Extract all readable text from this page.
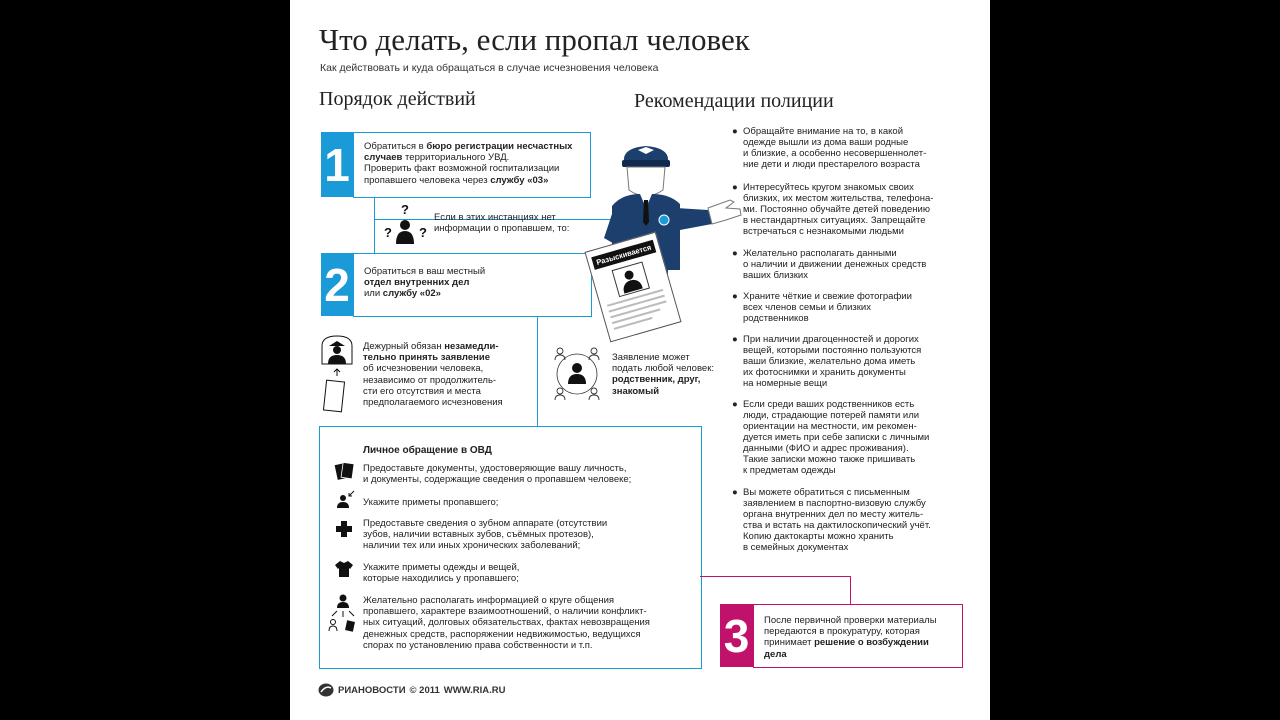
Что делать, если пропал человек
Как действовать и куда обращаться в случае исчезновения человека
Порядок действий	Рекомендации полиции
1	Обратиться в бюро регистрации несчастных
случаев территориального УВД.
Проверить факт возможной госпитализации
пропавшего человека через службу «03»
?
? ?
Если в этих инстанциях нет
информации о пропавшем, то:
2	Обратиться в ваш местный
отдел внутренних дел
или службу «02»
Дежурный обязан незамедли-
тельно принять заявление
об исчезновении человека,
независимо от продолжитель-
сти его отсутствия и места
предполагаемого исчезновения
Заявление может
подать любой человек:
родственник, друг,
знакомый
Личное обращение в ОВД
Предоставьте документы, удостоверяющие вашу личность,
и документы, содержащие сведения о пропавшем человеке;
Укажите приметы пропавшего;
Предоставьте сведения о зубном аппарате (отсутствии
зубов, наличии вставных зубов, съёмных протезов),
наличии тех или иных хронических заболеваний;
Укажите приметы одежды и вещей,
которые находились у пропавшего;
Желательно располагать информацией о круге общения
пропавшего, характере взаимоотношений, о наличии конфликт-
ных ситуаций, долговых обязательствах, фактах невозвращения
денежных средств, распоряжении недвижимостью, ведущихся
спорах по установлению права собственности и т.п.	3	После первичной проверки материалы
передаются в прокуратуру, которая
принимает решение о возбуждении
дела
Разыскивается
● Обращайте внимание на то, в какой
одежде вышли из дома ваши родные
и близкие, а особенно несовершеннолет-
ние дети и люди престарелого возраста
● Интересуйтесь кругом знакомых своих
близких, их местом жительства, телефона-
ми. Постоянно обучайте детей поведению
в нестандартных ситуациях. Запрещайте
встречаться с незнакомыми людьми
● Желательно располагать данными
о наличии и движении денежных средств
ваших близких
● Храните чёткие и свежие фотографии
всех членов семьи и близких
родственников
● При наличии драгоценностей и дорогих
вещей, которыми постоянно пользуются
ваши близкие, желательно дома иметь
их фотоснимки и хранить документы
на номерные вещи
● Если среди ваших родственников есть
люди, страдающие потерей памяти или
ориентации на местности, им рекомен-
дуется иметь при себе записки с личными
данными (ФИО и адрес проживания).
Такие записки можно также пришивать
к предметам одежды
● Вы можете обратиться с письменным
заявлением в паспортно-визовую службу
органа внутренних дел по месту житель-
ства и встать на дактилоскопический учёт.
Копию дактокарты можно хранить
в семейных документах
РИАНОВОСТИ © 2011 WWW.RIA.RU
